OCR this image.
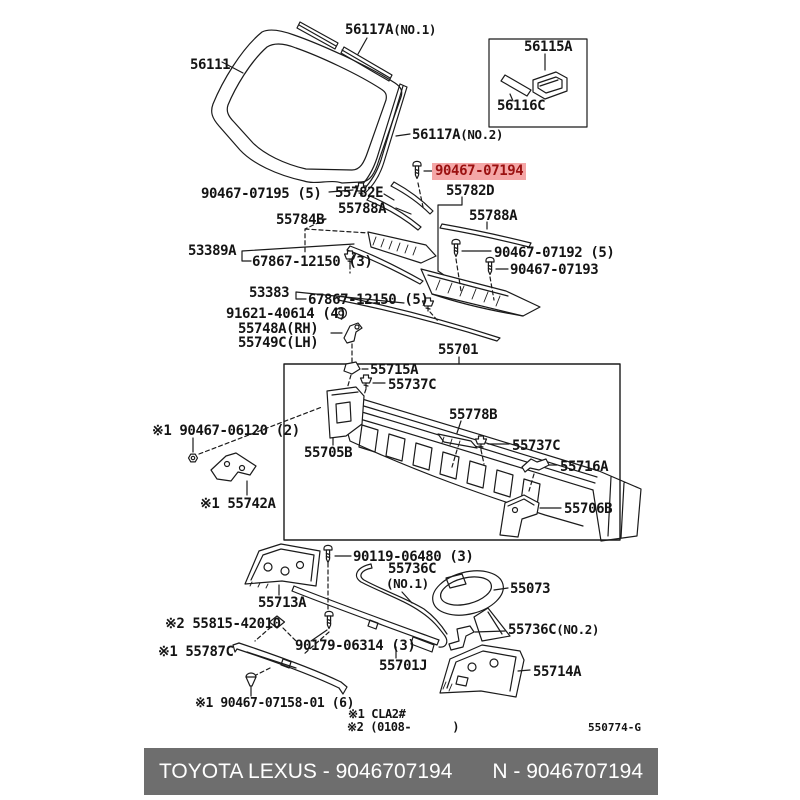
56111
56117A(NO.1)
56115A
56116C
56117A(NO.2)
90467-07194
55782D
90467-07195 (5) 55782E
55788A
55784B
53389A
67867-12150 (3)
55788A
90467-07192 (5)
90467-07193
53383 67867-12150 (5)
91621-40614 (4)
55748A(RH)
55749C(LH)	55701
55715A
55737C
55705B
55778B
55737C
55716A
55706B
※1 90467-06120 (2)
※1 55742A
90119-06480 (3)
55736C
(NO.1)	55073
55713A
※2 55815-42010
90179-06314 (3)
55736C(NO.2)
※1 55787C
55701J	55714A
※1 90467-07158-01 (6)
※1 CLA2#
※2 (0108-      )	550774-G
TOYOTA LEXUS - 9046707194 N - 9046707194
